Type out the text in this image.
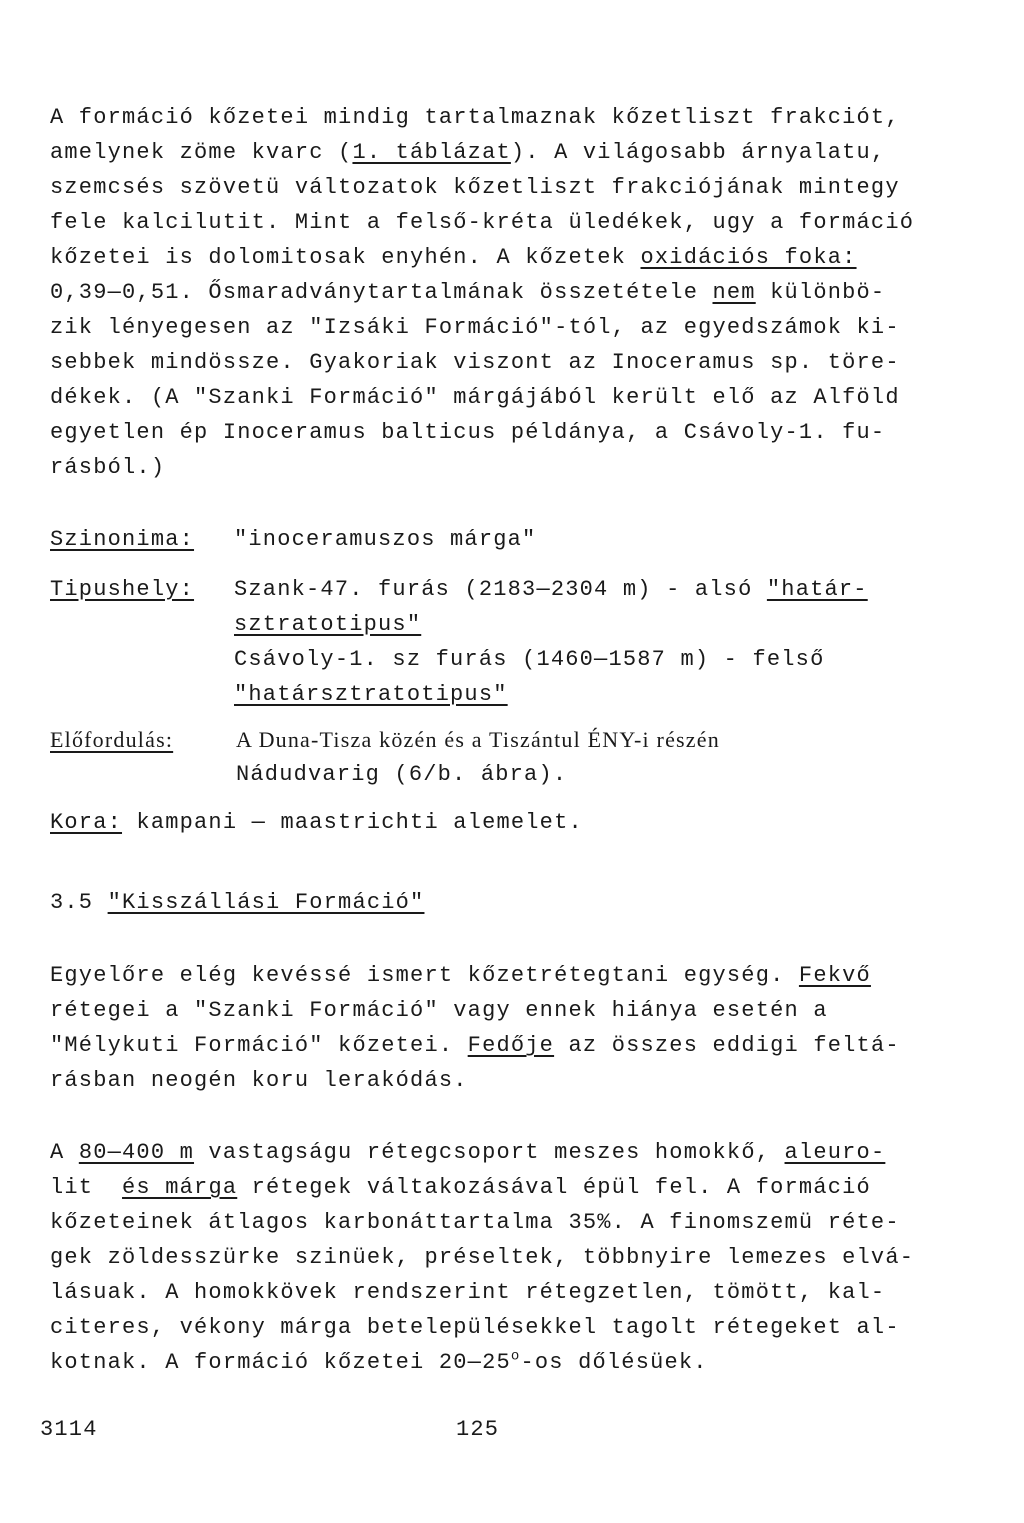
A formáció kőzetei mindig tartalmaznak kőzetliszt frakciót,
amelynek zöme kvarc (1. táblázat). A világosabb árnyalatu,
szemcsés szövetü változatok kőzetliszt frakciójának mintegy
fele kalcilutit. Mint a felső-kréta üledékek, ugy a formáció
kőzetei is dolomitosak enyhén. A kőzetek oxidációs foka:
0,39—0,51. Ősmaradványtartalmának összetétele nem különbö-
zik lényegesen az "Izsáki Formáció"-tól, az egyedszámok ki-
sebbek mindössze. Gyakoriak viszont az Inoceramus sp. töre-
dékek. (A "Szanki Formáció" márgájából került elő az Alföld
egyetlen ép Inoceramus balticus példánya, a Csávoly-1. fu-
rásból.)
Szinonima: "inoceramuszos márga"
Tipushely: Szank-47. furás (2183—2304 m) - alsó "határ-
sztratotipus"
Csávoly-1. sz furás (1460—1587 m) - felső
"határsztratotipus"
Előfordulás:	A Duna-Tisza közén és a Tiszántul ÉNY-i részén
Nádudvarig (6/b. ábra).
Kora: kampani — maastrichti alemelet.
3.5 "Kisszállási Formáció"
Egyelőre elég kevéssé ismert kőzetrétegtani egység. Fekvő
rétegei a "Szanki Formáció" vagy ennek hiánya esetén a
"Mélykuti Formáció" kőzetei. Fedője az összes eddigi feltá-
rásban neogén koru lerakódás.
A 80—400 m vastagságu rétegcsoport meszes homokkő, aleuro-
lit és márga rétegek váltakozásával épül fel. A formáció
kőzeteinek átlagos karbonáttartalma 35%. A finomszemü réte-
gek zöldesszürke szinüek, préseltek, többnyire lemezes elvá-
lásuak. A homokkövek rendszerint rétegzetlen, tömött, kal-
citeres, vékony márga betelepülésekkel tagolt rétegeket al-
kotnak. A formáció kőzetei 20—25$^o$-os dőlésüek.
3114	125
